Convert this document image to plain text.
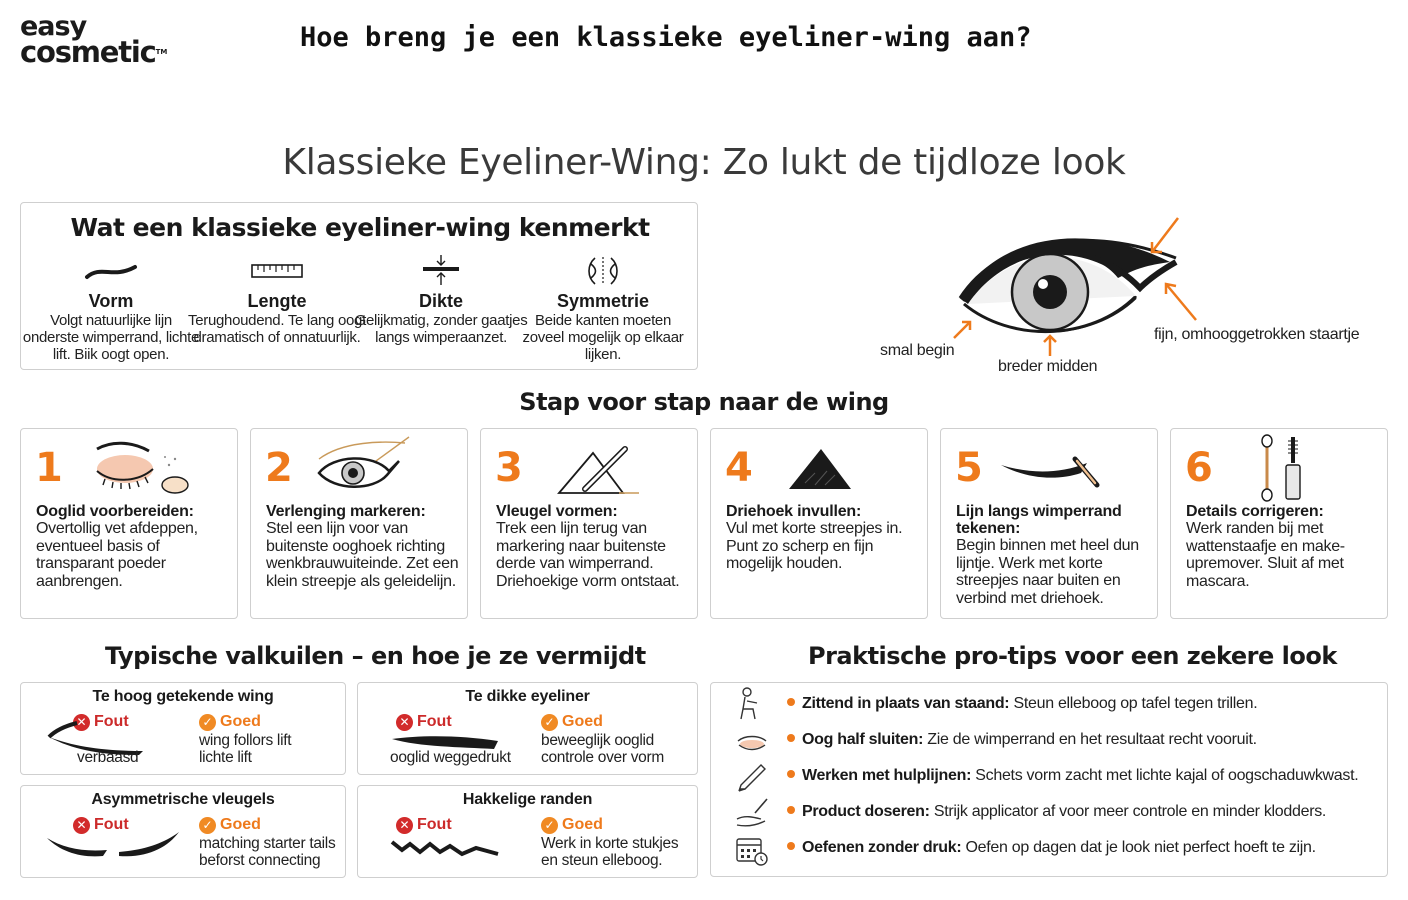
easy
cosmetic™	Hoe breng je een klassieke eyeliner-wing aan?
Klassieke Eyeliner-Wing: Zo lukt de tijdloze look
Wat een klassieke eyeliner-wing kenmerkt
Vorm
Volgt natuurlijke lijn onderste wimperrand, lichte lift. Biik oogt open.
Lengte
Terughoudend. Te lang oogt dramatisch of onnatuurlijk.
Dikte
Gelijkmatig, zonder gaatjes langs wimperaanzet.
Symmetrie
Beide kanten moeten zoveel mogelijk op elkaar lijken.	smal begin
breder midden
fijn, omhooggetrokken staartje
Stap voor stap naar de wing
1
Ooglid voorbereiden:
Overtollig vet afdeppen, eventueel basis of transparant poeder aanbrengen.
2
Verlenging markeren:
Stel een lijn voor van buitenste ooghoek richting wenkbrauwuiteinde. Zet een klein streepje als geleidelijn.
3
Vleugel vormen:
Trek een lijn terug van markering naar buitenste derde van wimperrand. Driehoekige vorm ontstaat.
4
Driehoek invullen:
Vul met korte streepjes in. Punt zo scherp en fijn mogelijk houden.
5
Lijn langs wimperrand tekenen:
Begin binnen met heel dun lijntje. Werk met korte streepjes naar buiten en verbind met driehoek.
6
Details corrigeren:
Werk randen bij met wattenstaafje en make-upremover. Sluit af met mascara.
Typische valkuilen – en hoe je ze vermijdt
Te hoog getekende wing
✕ Fout	✓ Goed
verbaasd
wing follors lift
lichte lift
Te dikke eyeliner
✕ Fout	✓ Goed
ooglid weggedrukt
beweeglijk ooglid
controle over vorm
Asymmetrische vleugels
✕ Fout	✓ Goed
matching starter tails
beforst connecting
Hakkelige randen
✕ Fout	✓ Goed
Werk in korte stukjes
en steun elleboog.
Praktische pro-tips voor een zekere look
Zittend in plaats van staand: Steun elleboog op tafel tegen trillen.
Oog half sluiten: Zie de wimperrand en het resultaat recht vooruit.
Werken met hulplijnen: Schets vorm zacht met lichte kajal of oogschaduwkwast.
Product doseren: Strijk applicator af voor meer controle en minder klodders.
Oefenen zonder druk: Oefen op dagen dat je look niet perfect hoeft te zijn.
